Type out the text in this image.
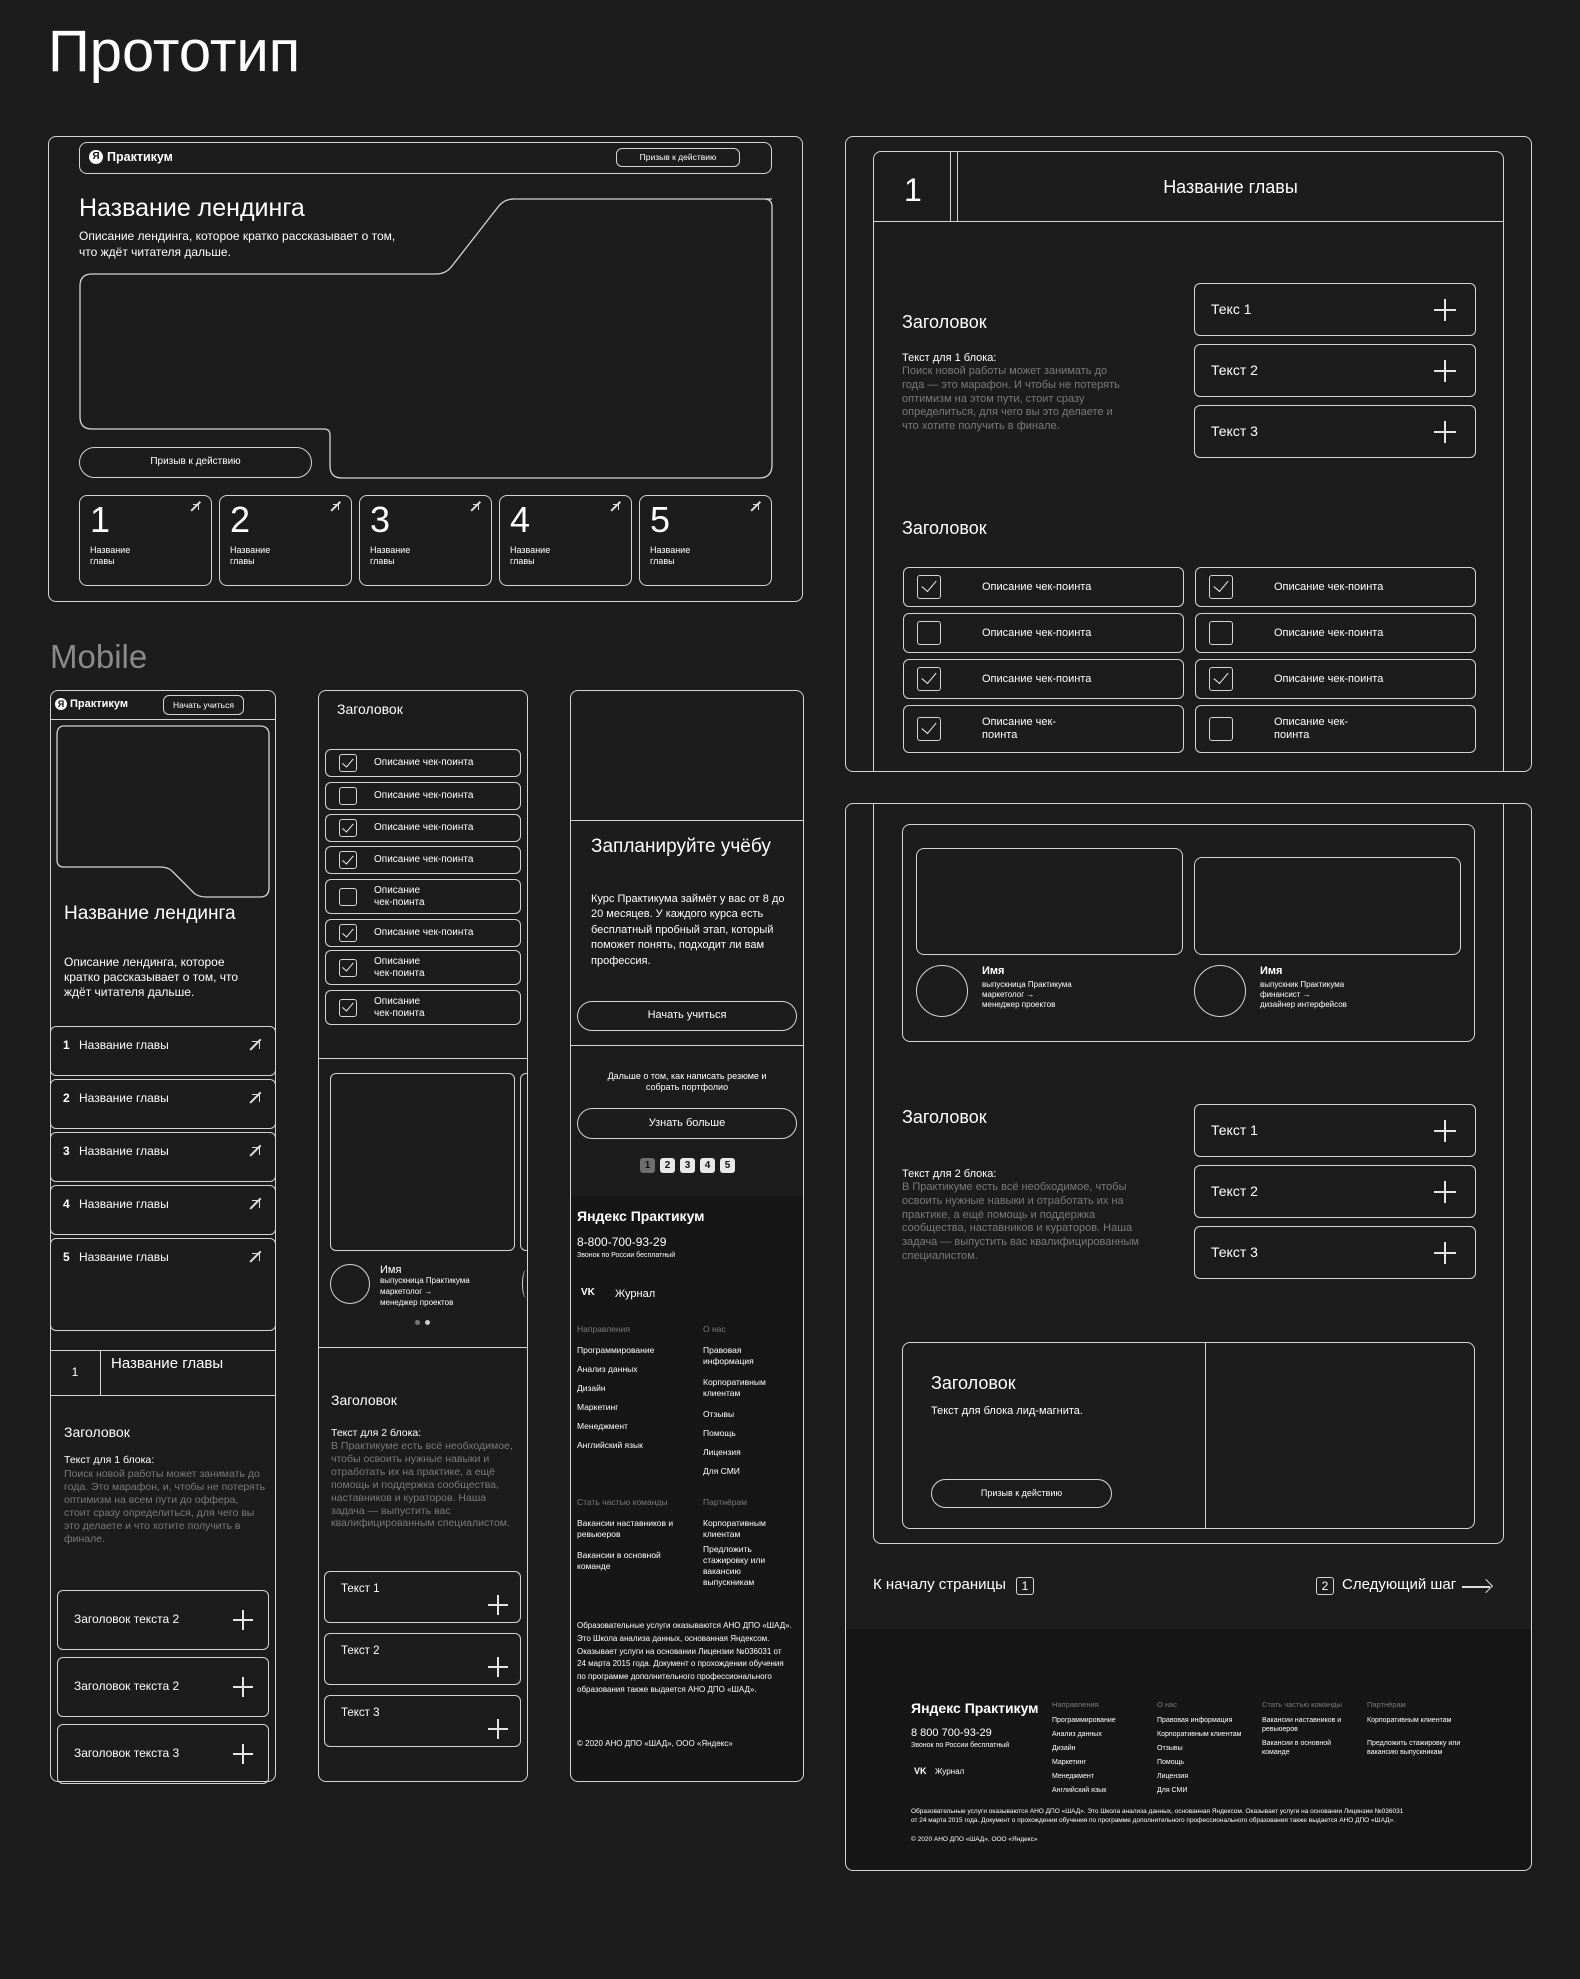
Прототип
Я Практикум	Призыв к действию
Название лендинга
Описание лендинга, которое кратко рассказывает о том, что ждёт читателя дальше.
Призыв к действию
1
Название главы
2
Название главы
3
Название главы
4
Название главы
5
Название главы
1	Название главы
Заголовок
Текст для 1 блока:
Поиск новой работы может занимать до года — это марафон. И чтобы не потерять оптимизм на этом пути, стоит сразу определиться, для чего вы это делаете и что хотите получить в финале.
Текс 1
Текст 2
Текст 3
Заголовок
Описание чек-поинта
Описание чек-поинта
Описание чек-поинта
Описание чек-поинта
Описание чек-поинта
Описание чек-поинта
Описание чек-поинта
Описание чек-поинта
Имя
выпускница Практикума
маркетолог →
менеджер проектов
Имя
выпускник Практикума
финансист →
дизайнер интерфейсов
Заголовок
Текст для 2 блока:
В Практикуме есть всё необходимое, чтобы освоить нужные навыки и отработать их на практике, а ещё помощь и поддержка сообщества, наставников и кураторов. Наша задача — выпустить вас квалифицированным специалистом.
Текст 1
Текст 2
Текст 3
Заголовок
Текст для блока лид-магнита.
Призыв к действию
К началу страницы	1	2 Следующий шаг
Яндекс Практикум
8 800 700-93-29
Звонок по России бесплатный
VK Журнал
Направления
Программирование
Анализ данных
Дизайн
Маркетинг
Менеджмент
Английский язык
О нас
Правовая информация
Корпоративным клиентам
Отзывы
Помощь
Лицензия
Для СМИ
Стать частью команды
Вакансии наставников и ревьюеров
Вакансии в основной команде
Партнёрам
Корпоративным клиентам
Предложить стажировку или вакансию выпускникам
Образовательные услуги оказываются АНО ДПО «ШАД». Это Школа анализа данных, основанная Яндексом. Оказывает услуги на основании Лицензии №036031
от 24 марта 2015 года. Документ о прохождении обучения по программе дополнительного профессионального образования также выдается АНО ДПО «ШАД».
© 2020 АНО ДПО «ШАД», ООО «Яндекс»
Mobile
Я Практикум	Начать учиться
Название лендинга
Описание лендинга, которое кратко рассказывает о том, что ждёт читателя дальше.
1 Название главы
2 Название главы
3 Название главы
4 Название главы
5 Название главы
1	Название главы
Заголовок
Текст для 1 блока:
Поиск новой работы может занимать до года. Это марафон, и, чтобы не потерять оптимизм на всем пути до оффера, стоит сразу определиться, для чего вы это делаете и что хотите получить в финале.
Заголовок текста 2
Заголовок текста 2
Заголовок текста 3
Заголовок
Описание чек-поинта
Описание чек-поинта
Описание чек-поинта
Описание чек-поинта
Описание чек-поинта
Описание чек-поинта
Описание чек-поинта
Описание чек-поинта
Имя
выпускница Практикума
маркетолог →
менеджер проектов
Заголовок
Текст для 2 блока:
В Практикуме есть всё необходимое, чтобы освоить нужные навыки и отработать их на практике, а ещё помощь и поддержка сообщества, наставников и кураторов. Наша задача — выпустить вас квалифицированным специалистом.
Текст 1
Текст 2
Текст 3
Запланируйте учёбу
Курс Практикума займёт у вас от 8 до 20 месяцев. У каждого курса есть бесплатный пробный этап, который поможет понять, подходит ли вам профессия.
Начать учиться
Дальше о том, как написать резюме и собрать портфолио
Узнать больше
1	2	3	4	5
Яндекс Практикум
8-800-700-93-29
Звонок по России бесплатный
VK Журнал
Направления
Программирование
Анализ данных
Дизайн
Маркетинг
Менеджмент
Английский язык
О нас
Правовая информация
Корпоративным клиентам
Отзывы
Помощь
Лицензия
Для СМИ
Стать частью команды
Вакансии наставников и ревьюеров
Вакансии в основной команде
Партнёрам
Корпоративным клиентам
Предложить стажировку или вакансию выпускникам
Образовательные услуги оказываются АНО ДПО «ШАД». Это Школа анализа данных, основанная Яндексом. Оказывает услуги на основании Лицензии №036031 от 24 марта 2015 года. Документ о прохождении обучения по программе дополнительного профессионального образования также выдается АНО ДПО «ШАД».
© 2020 АНО ДПО «ШАД», ООО «Яндекс»
